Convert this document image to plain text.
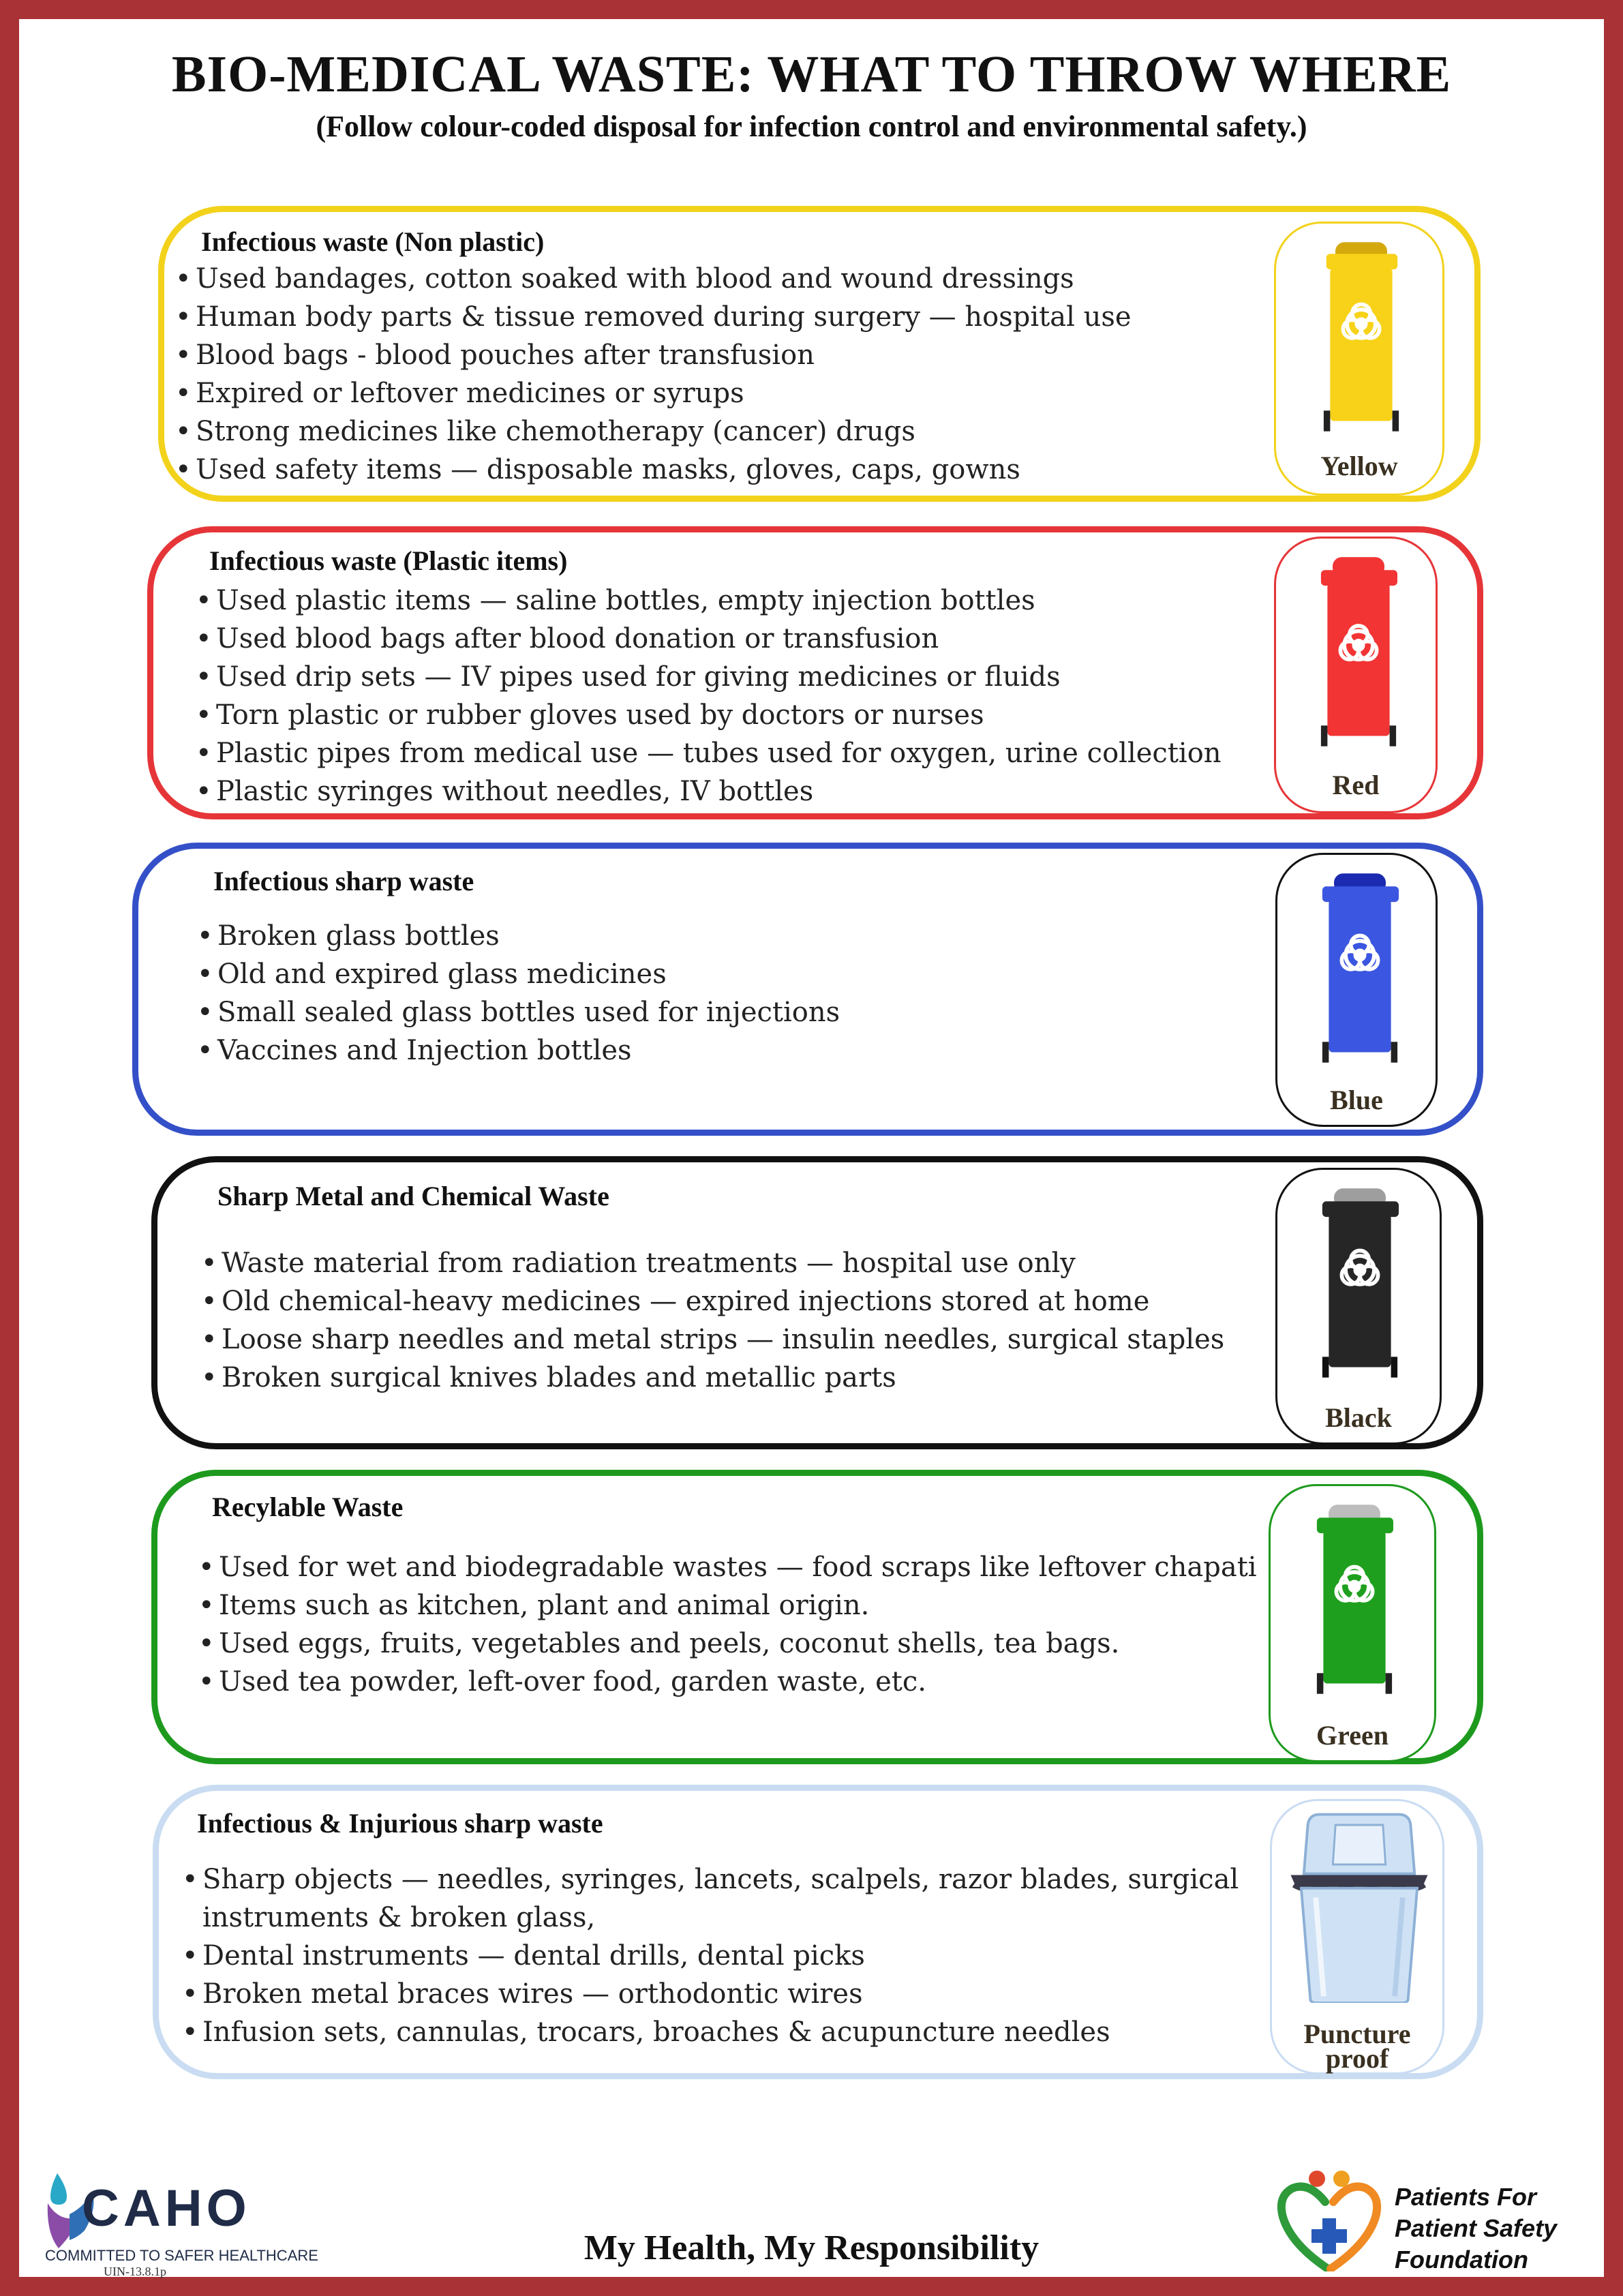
BIO-MEDICAL WASTE: WHAT TO THROW WHERE
(Follow colour-coded disposal for infection control and environmental safety.)
Infectious waste (Non plastic)
• Used bandages, cotton soaked with blood and wound dressings
• Human body parts & tissue removed during surgery — hospital use
• Blood bags - blood pouches after transfusion
• Expired or leftover medicines or syrups
• Strong medicines like chemotherapy (cancer) drugs
• Used safety items — disposable masks, gloves, caps, gowns	Yellow
Infectious waste (Plastic items)
• Used plastic items — saline bottles, empty injection bottles
• Used blood bags after blood donation or transfusion
• Used drip sets — IV pipes used for giving medicines or fluids
• Torn plastic or rubber gloves used by doctors or nurses
• Plastic pipes from medical use — tubes used for oxygen, urine collection
• Plastic syringes without needles, IV bottles	Red
Infectious sharp waste
• Broken glass bottles
• Old and expired glass medicines
• Small sealed glass bottles used for injections
• Vaccines and Injection bottles
Blue
Sharp Metal and Chemical Waste
• Waste material from radiation treatments — hospital use only
• Old chemical-heavy medicines — expired injections stored at home
• Loose sharp needles and metal strips — insulin needles, surgical staples
• Broken surgical knives blades and metallic parts
Black
Recylable Waste
• Used for wet and biodegradable wastes — food scraps like leftover chapati
• Items such as kitchen, plant and animal origin.
• Used eggs, fruits, vegetables and peels, coconut shells, tea bags.
• Used tea powder, left-over food, garden waste, etc.
Green
Infectious & Injurious sharp waste
• Sharp objects — needles, syringes, lancets, scalpels, razor blades, surgical instruments & broken glass,
• Dental instruments — dental drills, dental picks
• Broken metal braces wires — orthodontic wires
• Infusion sets, cannulas, trocars, broaches & acupuncture needles	Puncture proof
CAHO
COMMITTED TO SAFER HEALTHCARE
UIN-13.8.1p
My Health, My Responsibility
Patients For
Patient Safety
Foundation
